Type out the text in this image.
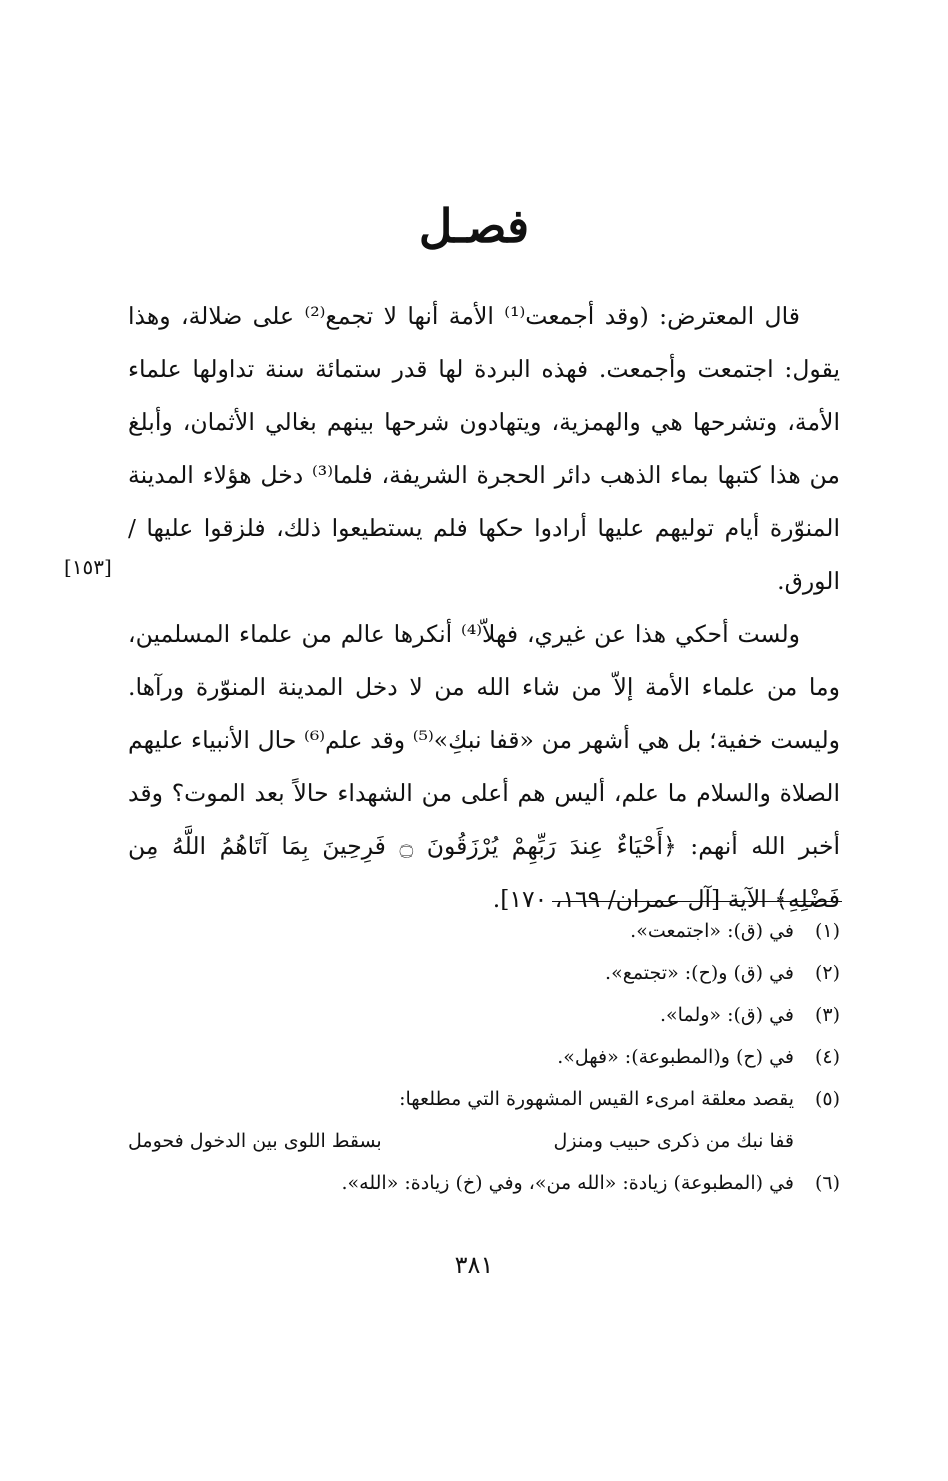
فصـل

قال المعترض: (وقد أجمعت⁽¹⁾ الأمة أنها لا تجمع⁽²⁾ على ضلالة، وهذا يقول: اجتمعت وأجمعت. فهذه البردة لها قدر ستمائة سنة تداولها علماء الأمة، وتشرحها هي والهمزية، ويتهادون شرحها بينهم بغالي الأثمان، وأبلغ من هذا كتبها بماء الذهب دائر الحجرة الشريفة، فلما⁽³⁾ دخل هؤلاء المدينة المنوّرة أيام توليهم عليها أرادوا حكها فلم يستطيعوا ذلك، فلزقوا عليها / الورق.

ولست أحكي هذا عن غيري، فهلاّ⁽⁴⁾ أنكرها عالم من علماء المسلمين، وما من علماء الأمة إلاّ من شاء الله من لا دخل المدينة المنوّرة ورآها. وليست خفية؛ بل هي أشهر من «قفا نبكِ»⁽⁵⁾ وقد علم⁽⁶⁾ حال الأنبياء عليهم الصلاة والسلام ما علم، أليس هم أعلى من الشهداء حالاً بعد الموت؟ وقد أخبر الله أنهم: ﴿أَحْيَاءٌ عِندَ رَبِّهِمْ يُرْزَقُونَ ۝ فَرِحِينَ بِمَا آتَاهُمُ اللَّهُ مِن فَضْلِهِ﴾ الآية [آل عمران/ ١٦٩، ١٧٠].

[١٥٣]
(١)
في (ق): «اجتمعت».
(٢)
في (ق) و(ح): «تجتمع».
(٣)
في (ق): «ولما».
(٤)
في (ح) و(المطبوعة): «فهل».
(٥)
يقصد معلقة امرىء القيس المشهورة التي مطلعها:
قفا نبك من ذكرى حبيب ومنزل
بسقط اللوى بين الدخول فحومل
(٦)
في (المطبوعة) زيادة: «الله من»، وفي (خ) زيادة: «الله».
٣٨١
